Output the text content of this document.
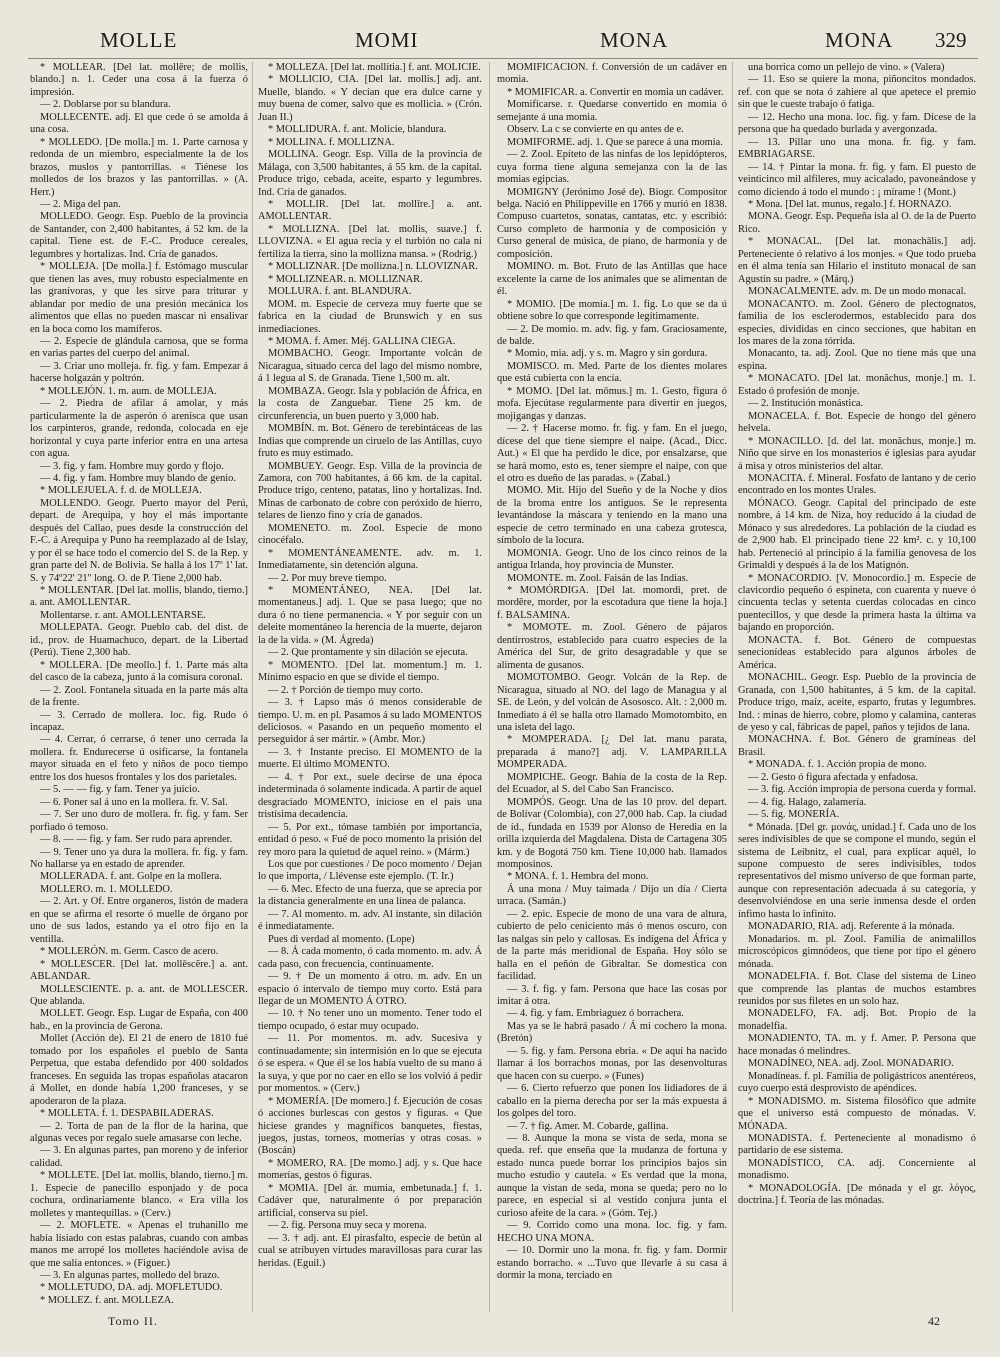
MOLLE	MOMI	MONA	MONA 329

* MOLLEAR. [Del lat. mollēre; de mollis, blando.] n. 1. Ceder una cosa á la fuerza ó impresión.

— 2. Doblarse por su blandura.

MOLLECENTE. adj. El que cede ó se amolda á una cosa.

* MOLLEDO. [De molla.] m. 1. Parte carnosa y redonda de un miembro, especialmente la de los brazos, muslos y pantorrillas. « Tiénese los molledos de los brazos y las pantorrillas. » (A. Herr.)

— 2. Miga del pan.

MOLLEDO. Geogr. Esp. Pueblo de la provincia de Santander, con 2,400 habitantes, á 52 km. de la capital. Tiene est. de F.-C. Produce cereales, legumbres y hortalizas. Ind. Cría de ganados.

* MOLLEJA. [De molla.] f. Estómago muscular que tienen las aves, muy robusto especialmente en las granívoras, y que les sirve para triturar y ablandar por medio de una presión mecánica los alimentos que ellas no pueden mascar ni ensalivar en la boca como los mamíferos.

— 2. Especie de glándula carnosa, que se forma en varias partes del cuerpo del animal.

— 3. Criar uno molleja. fr. fig. y fam. Empezar á hacerse holgazán y poltrón.

* MOLLEJÓN. 1. m. aum. de MOLLEJA.

— 2. Piedra de afilar á amolar, y más particularmente la de asperón ó arenisca que usan los carpinteros, grande, redonda, colocada en eje horizontal y cuya parte inferior entra en una artesa con agua.

— 3. fig. y fam. Hombre muy gordo y flojo.

— 4. fig. y fam. Hombre muy blando de genio.

* MOLLEJUELA. f. d. de MOLLEJA.

MOLLENDO. Geogr. Puerto mayor del Perú, depart. de Arequipa, y hoy el más importante después del Callao, pues desde la construcción del F.-C. á Arequipa y Puno ha reemplazado al de Islay, y por él se hace todo el comercio del S. de la Rep. y gran parte del N. de Bolivia. Se halla á los 17º 1' lat. S. y 74º22' 21'' long. O. de P. Tiene 2,000 hab.

* MOLLENTAR. [Del lat. mollis, blando, tierno.] a. ant. AMOLLENTAR.

Mollentarse. r. ant. AMOLLENTARSE.

MOLLEPATA. Geogr. Pueblo cab. del dist. de id., prov. de Huamachuco, depart. de la Libertad (Perú). Tiene 2,300 hab.

* MOLLERA. [De meollo.] f. 1. Parte más alta del casco de la cabeza, junto á la comisura coronal.

— 2. Zool. Fontanela situada en la parte más alta de la frente.

— 3. Cerrado de mollera. loc. fig. Rudo ó incapaz.

— 4. Cerrar, ó cerrarse, ó tener uno cerrada la mollera. fr. Endurecerse ú osificarse, la fontanela mayor situada en el feto y niños de poco tiempo entre los dos huesos frontales y los dos parietales.

— 5. — — fig. y fam. Tener ya juicio.

— 6. Poner sal á uno en la mollera. fr. V. Sal.

— 7. Ser uno duro de mollera. fr. fig. y fam. Ser porfiado ó temoso.

— 8. — — fig. y fam. Ser rudo para aprender.

— 9. Tener uno ya dura la mollera. fr. fig. y fam. No hallarse ya en estado de aprender.

MOLLERADA. f. ant. Golpe en la mollera.

MOLLERO. m. 1. MOLLEDO.

— 2. Art. y Of. Entre organeros, listón de madera en que se afirma el resorte ó muelle de órgano por uno de sus lados, estando ya el otro fijo en la ventilla.

* MOLLERÓN. m. Germ. Casco de acero.

* MOLLESCER. [Del lat. mollēscĕre.] a. ant. ABLANDAR.

MOLLESCIENTE. p. a. ant. de MOLLESCER. Que ablanda.

MOLLET. Geogr. Esp. Lugar de España, con 400 hab., en la provincia de Gerona.

Mollet (Acción de). El 21 de enero de 1810 fué tomado por los españoles el pueblo de Santa Perpetua, que estaba defendido por 400 soldados franceses. En seguida las tropas españolas atacaron á Mollet, en donde había 1,200 franceses, y se apoderaron de la plaza.

* MOLLETA. f. 1. DESPABILADERAS.

— 2. Torta de pan de la flor de la harina, que algunas veces por regalo suele amasarse con leche.

— 3. En algunas partes, pan moreno y de inferior calidad.

* MOLLETE. [Del lat. mollis, blando, tierno.] m. 1. Especie de panecillo esponjado y de poca cochura, ordinariamente blanco. « Era villa los molletes y mantequillas. » (Cerv.)

— 2. MOFLETE. « Apenas el truhanillo me había lisiado con estas palabras, cuando con ambas manos me arropé los molletes haciéndole avisa de que me salía entonces. » (Figuer.)

— 3. En algunas partes, molledo del brazo.

* MOLLETUDO, DA. adj. MOFLETUDO.

* MOLLEZ. f. ant. MOLLEZA.

* MOLLEZA. [Del lat. mollitia.] f. ant. MOLICIE.

* MOLLICIO, CIA. [Del lat. mollis.] adj. ant. Muelle, blando. « Y decían que era dulce carne y muy buena de comer, salvo que es mollicia. » (Crón. Juan II.)

* MOLLIDURA. f. ant. Molicie, blandura.

* MOLLINA. f. MOLLIZNA.

MOLLINA. Geogr. Esp. Villa de la provincia de Málaga, con 3,500 habitantes, á 55 km. de la capital. Produce trigo, cebada, aceite, esparto y legumbres. Ind. Cría de ganados.

* MOLLIR. [Del lat. mollīre.] a. ant. AMOLLENTAR.

* MOLLIZNA. [Del lat. mollis, suave.] f. LLOVIZNA. « El agua recia y el turbión no cala ni fertiliza la tierra, sino la mollizna mansa. » (Rodrig.)

* MOLLIZNAR. [De mollizna.] n. LLOVIZNAR.

* MOLLIZNEAR. n. MOLLIZNAR.

MOLLURA. f. ant. BLANDURA.

MOM. m. Especie de cerveza muy fuerte que se fabrica en la ciudad de Brunswich y en sus inmediaciones.

* MOMA. f. Amer. Méj. GALLINA CIEGA.

MOMBACHO. Geogr. Importante volcán de Nicaragua, situado cerca del lago del mismo nombre, á 1 legua al S. de Granada. Tiene 1,500 m. alt.

MOMBAZA. Geogr. Isla y población de África, en la costa de Zanguebar. Tiene 25 km. de circunferencia, un buen puerto y 3,000 hab.

MOMBÍN. m. Bot. Género de terebintáceas de las Indias que comprende un ciruelo de las Antillas, cuyo fruto es muy estimado.

MOMBUEY. Geogr. Esp. Villa de la provincia de Zamora, con 700 habitantes, á 66 km. de la capital. Produce trigo, centeno, patatas, lino y hortalizas. Ind. Minas de carbonato de cobre con peróxido de hierro, telares de lienzo fino y cría de ganados.

MOMENETO. m. Zool. Especie de mono cinocéfalo.

* MOMENTÁNEAMENTE. adv. m. 1. Inmediatamente, sin detención alguna.

— 2. Por muy breve tiempo.

* MOMENTÁNEO, NEA. [Del lat. momentaneus.] adj. 1. Que se pasa luego; que no dura ó no tiene permanencia. « Y por seguir con un deleite momentáneo la herencia de la muerte, dejaron la de la vida. » (M. Ágreda)

— 2. Que prontamente y sin dilación se ejecuta.

* MOMENTO. [Del lat. momentum.] m. 1. Mínimo espacio en que se divide el tiempo.

— 2. † Porción de tiempo muy corto.

— 3. † Lapso más ó menos considerable de tiempo. U. m. en pl. Pasamos á su lado MOMENTOS deliciosos. « Pasando en un pequeño momento el perseguidor á ser mártir. » (Ambr. Mor.)

— 3. † Instante preciso. El MOMENTO de la muerte. El último MOMENTO.

— 4. † Por ext., suele decirse de una época indeterminada ó solamente indicada. A partir de aquel desgraciado MOMENTO, iniciose en el país una tristísima decadencia.

— 5. Por ext., tómase también por importancia, entidad ó peso. « Fué de poco momento la prisión del rey moro para la quietud de aquel reino. » (Márm.)

Los que por cuestiones / De poco momento / Dejan lo que importa, / Llévense este ejemplo. (T. Ir.)

— 6. Mec. Efecto de una fuerza, que se aprecia por la distancia generalmente en una línea de palanca.

— 7. Al momento. m. adv. Al instante, sin dilación é inmediatamente.

Pues di verdad al momento. (Lope)

— 8. Á cada momento, ó cada momento. m. adv. Á cada paso, con frecuencia, continuamente.

— 9. † De un momento á otro. m. adv. En un espacio ó intervalo de tiempo muy corto. Está para llegar de un MOMENTO Á OTRO.

— 10. † No tener uno un momento. Tener todo el tiempo ocupado, ó estar muy ocupado.

— 11. Por momentos. m. adv. Sucesiva y continuadamente; sin intermisión en lo que se ejecuta ó se espera. « Que él se los había vuelto de su mano á la suya, y que por no caer en ello se los volvió á pedir por momentos. » (Cerv.)

* MOMERÍA. [De momero.] f. Ejecución de cosas ó acciones burlescas con gestos y figuras. « Que hiciese grandes y magníficos banquetes, fiestas, juegos, justas, torneos, momerías y otras cosas. » (Boscán)

* MOMERO, RA. [De momo.] adj. y s. Que hace momerías, gestos ó figuras.

* MOMIA. [Del ár. mumia, embetunada.] f. 1. Cadáver que, naturalmente ó por preparación artificial, conserva su piel.

— 2. fig. Persona muy seca y morena.

— 3. † adj. ant. El pirasfalto, especie de betún al cual se atribuyen virtudes maravillosas para curar las heridas. (Eguil.)

MOMIFICACIÓN. f. Conversión de un cadáver en momia.

* MOMIFICAR. a. Convertir en momia un cadáver.

Momificarse. r. Quedarse convertido en momia ó semejante á una momia.

Observ. La c se convierte en qu antes de e.

MOMIFORME. adj. 1. Que se parece á una momia.

— 2. Zool. Epíteto de las ninfas de los lepidópteros, cuya forma tiene alguna semejanza con la de las momias egipcias.

MOMIGNY (Jerónimo José de). Biogr. Compositor belga. Nació en Philippeville en 1766 y murió en 1838. Compuso cuartetos, sonatas, cantatas, etc. y escribió: Curso completo de harmonía y de composición y Curso general de música, de piano, de harmonía y de composición.

MOMINO. m. Bot. Fruto de las Antillas que hace excelente la carne de los animales que se alimentan de él.

* MOMIO. [De momia.] m. 1. fig. Lo que se da ú obtiene sobre lo que corresponde legítimamente.

— 2. De momio. m. adv. fig. y fam. Graciosamente, de balde.

* Momio, mia. adj. y s. m. Magro y sin gordura.

MOMISCO. m. Med. Parte de los dientes molares que está cubierta con la encía.

* MOMO. [Del lat. mōmus.] m. 1. Gesto, figura ó mofa. Ejecútase regularmente para divertir en juegos, mojigangas y danzas.

— 2. † Hacerse momo. fr. fig. y fam. En el juego, dícese del que tiene siempre el naipe. (Acad., Dicc. Aut.) « El que ha perdido le dice, por ensalzarse, que se hará momo, esto es, tener siempre el naipe, con que el otro es dueño de las paradas. » (Zabal.)

MOMO. Mit. Hijo del Sueño y de la Noche y dios de la broma entre los antiguos. Se le representa levantándose la máscara y teniendo en la mano una especie de cetro terminado en una cabeza grotesca, símbolo de la locura.

MOMONIA. Geogr. Uno de los cinco reinos de la antigua Irlanda, hoy provincia de Munster.

MOMONTE. m. Zool. Faisán de las Indias.

* MOMÓRDIGA. [Del lat. momordi, pret. de mordēre, morder, por la escotadura que tiene la hoja.] f. BALSAMINA.

* MOMOTE. m. Zool. Género de pájaros dentirrostros, establecido para cuatro especies de la América del Sur, de grito desagradable y que se alimenta de gusanos.

MOMOTOMBO. Geogr. Volcán de la Rep. de Nicaragua, situado al NO. del lago de Managua y al SE. de León, y del volcán de Asososco. Alt. : 2,000 m. Inmediato á él se halla otro llamado Momotombito, en una isleta del lago.

* MOMPERADA. [¿ Del lat. manu parata, preparada á mano?] adj. V. LAMPARILLA MOMPERADA.

MOMPICHE. Geogr. Bahía de la costa de la Rep. del Ecuador, al S. del Cabo San Francisco.

MOMPÓS. Geogr. Una de las 10 prov. del depart. de Bolívar (Colombia), con 27,000 hab. Cap. la ciudad de íd., fundada en 1539 por Alonso de Heredia en la orilla izquierda del Magdalena. Dista de Cartagena 305 km. y de Bogotá 750 km. Tiene 10,000 hab. llamados momposinos.

* MONA. f. 1. Hembra del mono.

Á una mona / Muy taimada / Dijo un día / Cierta urraca. (Samán.)

— 2. epic. Especie de mono de una vara de altura, cubierto de pelo ceniciento más ó menos oscuro, con las nalgas sin pelo y callosas. Es indígena del África y de la parte más meridional de España. Hoy sólo se halla en el peñón de Gibraltar. Se domestica con facilidad.

— 3. f. fig. y fam. Persona que hace las cosas por imitar á otra.

— 4. fig. y fam. Embriaguez ó borrachera.

Mas ya se le habrá pasado / Á mi cochero la mona. (Bretón)

— 5. fig. y fam. Persona ebria. « De aquí ha nacido llamar á los borrachos monas, por las desenvolturas que hacen con su cuerpo. » (Funes)

— 6. Cierto refuerzo que ponen los lidiadores de á caballo en la pierna derecha por ser la más expuesta á los golpes del toro.

— 7. † fig. Amer. M. Cobarde, gallina.

— 8. Aunque la mona se vista de seda, mona se queda. ref. que enseña que la mudanza de fortuna y estado nunca puede borrar los principios bajos sin mucho estudio y cautela. « Es verdad que la mona, aunque la vistan de seda, mona se queda; pero no lo parece, en especial si al vestido conjura junta el curioso afeite de la cara. » (Góm. Tej.)

— 9. Corrido como una mona. loc. fig. y fam. HECHO UNA MONA.

— 10. Dormir uno la mona. fr. fig. y fam. Dormir estando borracho. « ...Tuvo que llevarle á su casa á dormir la mona, terciado en

una borrica como un pellejo de vino. » (Valera)

— 11. Eso se quiere la mona, piñoncitos mondados. ref. con que se nota ó zahiere al que apetece el premio sin que le cueste trabajo ó fatiga.

— 12. Hecho una mona. loc. fig. y fam. Dícese de la persona que ha quedado burlada y avergonzada.

— 13. Pillar uno una mona. fr. fig. y fam. EMBRIAGARSE.

— 14. † Pintar la mona. fr. fig. y fam. El puesto de veinticinco mil alfileres, muy acicalado, pavoneándose y como diciendo á todo el mundo : ¡ mírame ! (Mont.)

* Mona. [Del lat. munus, regalo.] f. HORNAZO.

MONA. Geogr. Esp. Pequeña isla al O. de la de Puerto Rico.

* MONACAL. [Del lat. monachālis.] adj. Perteneciente ó relativo á los monjes. « Que todo prueba en él alma tenía san Hilario el instituto monacal de san Agustín su padre. » (Márq.)

MONACALMENTE. adv. m. De un modo monacal.

MONACANTO. m. Zool. Género de plectognatos, familia de los esclerodermos, establecido para dos especies, divididas en cinco secciones, que habitan en los mares de la zona tórrida.

Monacanto, ta. adj. Zool. Que no tiene más que una espina.

* MONACATO. [Del lat. monăchus, monje.] m. 1. Estado ó profesión de monje.

— 2. Institución monástica.

MONACELA. f. Bot. Especie de hongo del género helvela.

* MONACILLO. [d. del lat. monăchus, monje.] m. Niño que sirve en los monasterios é iglesias para ayudar á misa y otros ministerios del altar.

MONACITA. f. Mineral. Fosfato de lantano y de cerio encontrado en los montes Urales.

MÓNACO. Geogr. Capital del principado de este nombre, á 14 km. de Niza, hoy reducido á la ciudad de Mónaco y sus alrededores. La población de la ciudad es de 2,900 hab. El principado tiene 22 km². c. y 10,100 hab. Perteneció al principio á la familia genovesa de los Grimaldi y después á la de los Matignón.

* MONACORDIO. [V. Monocordio.] m. Especie de clavicordio pequeño ó espineta, con cuarenta y nueve ó cincuenta teclas y setenta cuerdas colocadas en cinco puentecillos, y que desde la primera hasta la última va bajando en proporción.

MONACTA. f. Bot. Género de compuestas senecionídeas establecido para algunos árboles de América.

MONACHIL. Geogr. Esp. Pueblo de la provincia de Granada, con 1,500 habitantes, á 5 km. de la capital. Produce trigo, maíz, aceite, esparto, frutas y legumbres. Ind. : minas de hierro, cobre, plomo y calamina, canteras de yeso y cal, fábricas de papel, paños y tejidos de lana.

MONACHNA. f. Bot. Género de gramíneas del Brasil.

* MONADA. f. 1. Acción propia de mono.

— 2. Gesto ó figura afectada y enfadosa.

— 3. fig. Acción impropia de persona cuerda y formal.

— 4. fig. Halago, zalamería.

— 5. fig. MONERÍA.

* Mónada. [Del gr. μονάς, unidad.] f. Cada uno de los seres indivisibles de que se compone el mundo, según el sistema de Leibnitz, el cual, para explicar aquél, lo supone compuesto de seres indivisibles, todos representativos del mismo universo de que forman parte, aunque con representación adecuada á su categoría, y desenvolviéndose en una serie inmensa desde el orden ínfimo hasta lo infinito.

MONADARIO, RIA. adj. Referente á la mónada.

Monadarios. m. pl. Zool. Familia de animalillos microscópicos gimnódeos, que tiene por tipo el género mónada.

MONADELFIA. f. Bot. Clase del sistema de Lineo que comprende las plantas de muchos estambres reunidos por sus filetes en un solo haz.

MONADELFO, FA. adj. Bot. Propio de la monadelfia.

MONADIENTO, TA. m. y f. Amer. P. Persona que hace monadas ó melindres.

MONADÍNEO, NEA. adj. Zool. MONADARIO.

Monadíneas. f. pl. Familia de poligástricos anentéreos, cuyo cuerpo está desprovisto de apéndices.

* MONADISMO. m. Sistema filosófico que admite que el universo está compuesto de mónadas. V. MÓNADA.

MONADISTA. f. Perteneciente al monadismo ó partidario de ese sistema.

MONADÍSTICO, CA. adj. Concerniente al monadismo.

* MONADOLOGÍA. [De mónada y el gr. λόγος, doctrina.] f. Teoría de las mónadas.

Tomo II.	42
